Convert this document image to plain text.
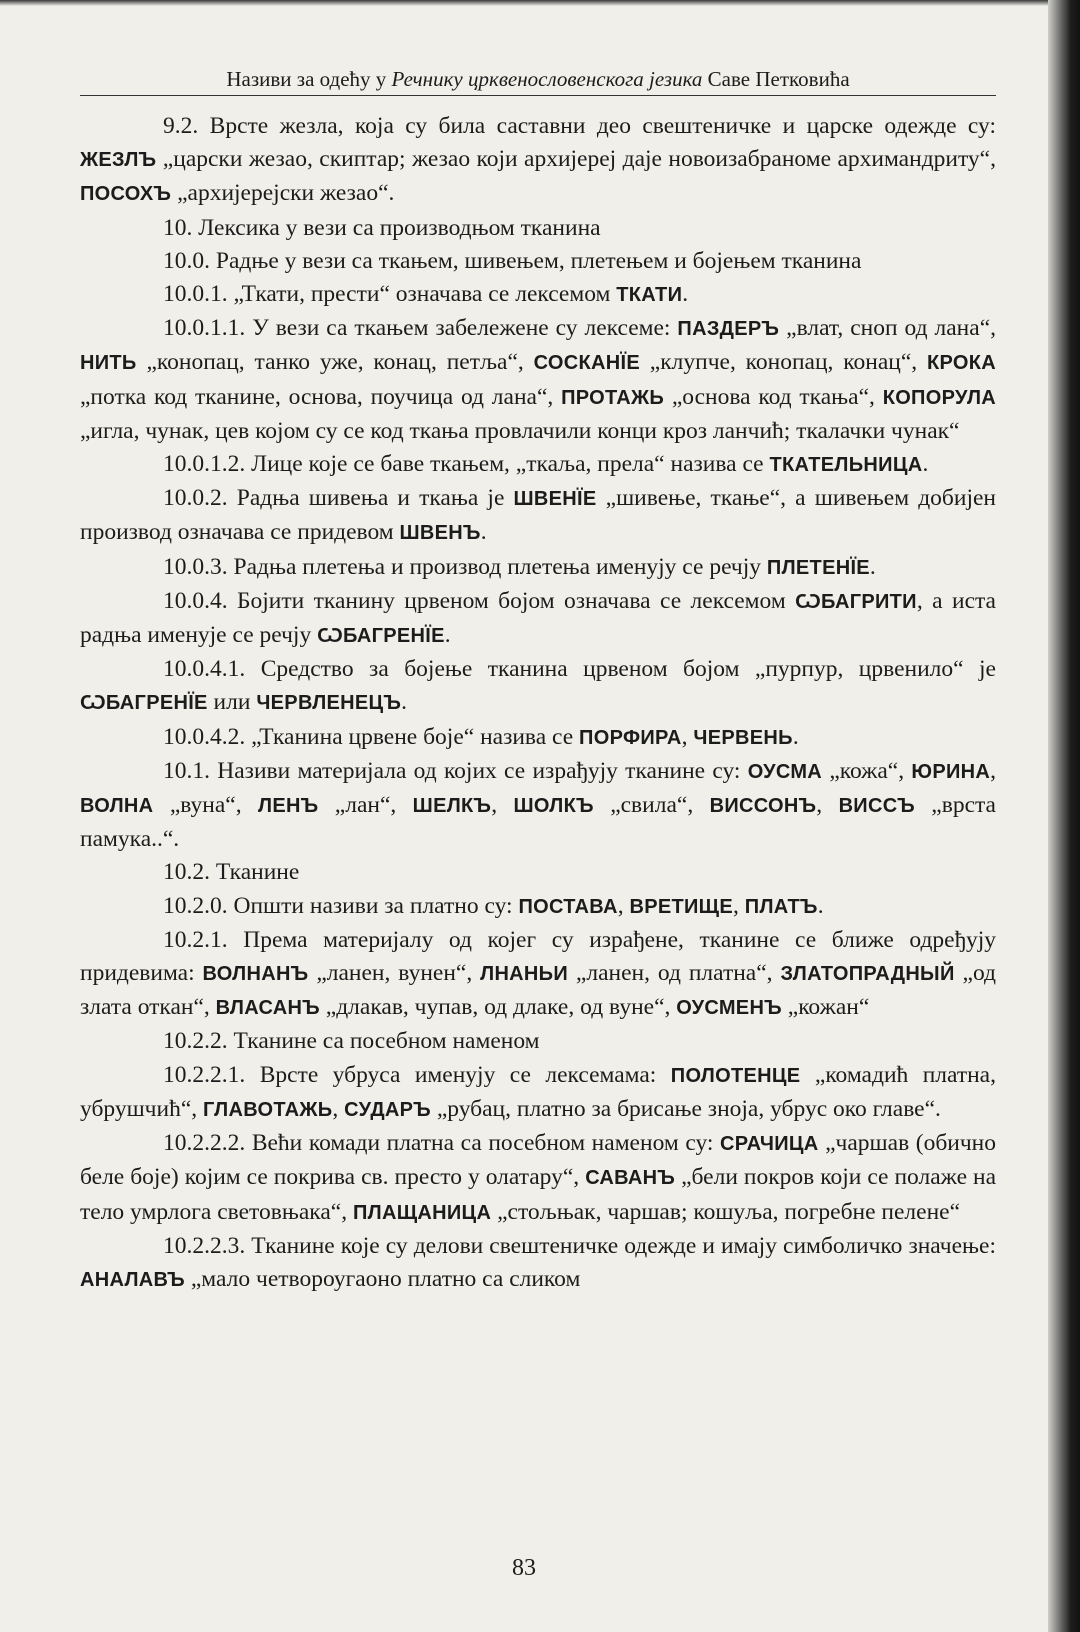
Називи за одећу у Речнику црквенословенскога језика Саве Петковића

9.2. Врсте жезла, која су била саставни део свештеничке и царске одежде су: ЖЕЗЛЪ „царски жезао, скиптар; жезао који архијереј даје новоизабраноме архимандриту“, ПОСОХЪ „архијерејски жезао“.

10. Лексика у вези са производњом тканина

10.0. Радње у вези са ткањем, шивењем, плетењем и бојењем тканина

10.0.1. „Ткати, прести“ означава се лексемом ТКАТИ.

10.0.1.1. У вези са ткањем забележене су лексеме: ПАЗДЕРЪ „влат, сноп од лана“, НИТЬ „конопац, танко уже, конац, петља“, СОСКАНЇЕ „клупче, конопац, конац“, КРОКА „потка код тканине, основа, поучица од лана“, ПРОТАЖЬ „основа код ткања“, КОПОРУЛА „игла, чунак, цев којом су се код ткања провлачили конци кроз ланчић; ткалачки чунак“

10.0.1.2. Лице које се баве ткањем, „ткаља, прела“ назива се ТКАТЕЛЬНИЦА.

10.0.2. Радња шивења и ткања је ШВЕНЇЕ „шивење, ткање“, а шивењем добијен производ означава се придевом ШВЕНЪ.

10.0.3. Радња плетења и производ плетења именују се речју ПЛЕТЕНЇЕ.

10.0.4. Бојити тканину црвеном бојом означава се лексемом ѠБАГРИТИ, а иста радња именује се речју ѠБАГРЕНЇЕ.

10.0.4.1. Средство за бојење тканина црвеном бојом „пурпур, црвенило“ је ѠБАГРЕНЇЕ или ЧЕРВЛЕНЕЦЪ.

10.0.4.2. „Тканина црвене боје“ назива се ПОРФИРА, ЧЕРВЕНЬ.

10.1. Називи материјала од којих се израђују тканине су: ОУСМА „кожа“, ЮРИНА, ВОЛНА „вуна“, ЛЕНЪ „лан“, ШЕЛКЪ, ШОЛКЪ „свила“, ВИССОНЪ, ВИССЪ „врста памука..“.

10.2. Тканине

10.2.0. Општи називи за платно су: ПОСТАВА, ВРЕТИЩЕ, ПЛАТЪ.

10.2.1. Према материјалу од којег су израђене, тканине се ближе одређују придевима: ВОЛНАНЪ „ланен, вунен“, ЛНАНЬИ „ланен, од платна“, ЗЛАТОПРАДНЫЙ „од злата откан“, ВЛАСАНЪ „длакав, чупав, од длаке, од вуне“, ОУСМЕНЪ „кожан“

10.2.2. Тканине са посебном наменом

10.2.2.1. Врсте убруса именују се лексемама: ПОЛОТЕНЦЕ „комадић платна, убрушчић“, ГЛАВОТАЖЬ, СУДАРЪ „рубац, платно за брисање зноја, убрус око главе“.

10.2.2.2. Већи комади платна са посебном наменом су: СРАЧИЦА „чаршав (обично беле боје) којим се покрива св. престо у олатару“, САВАНЪ „бели покров који се полаже на тело умрлога световњака“, ПЛАЩАНИЦА „стољњак, чаршав; кошуља, погребне пелене“

10.2.2.3. Тканине које су делови свештеничке одежде и имају симболичко значење: АНАЛАВЪ „мало четвороугаоно платно са сликом

83
